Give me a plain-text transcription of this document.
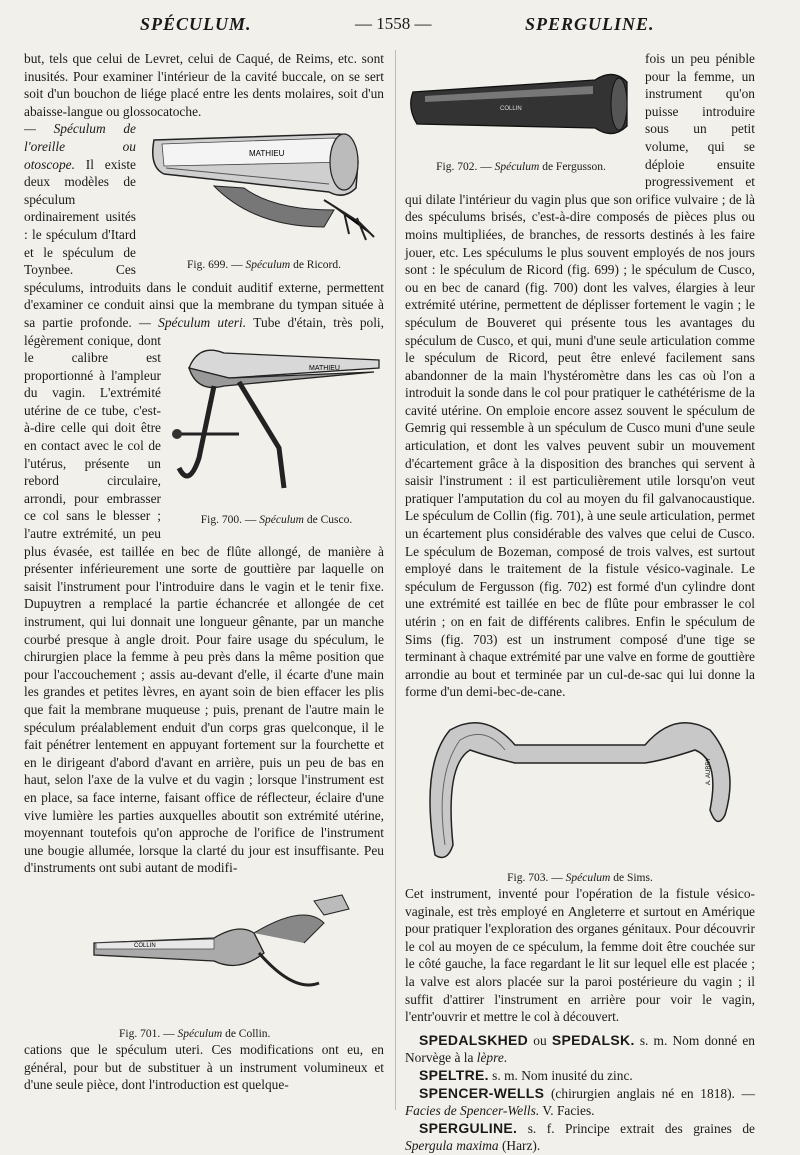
SPÉCULUM.	— 1558 —	SPERGULINE.

but, tels que celui de Levret, celui de Caqué, de Reims, etc. sont inusités. Pour examiner l'intérieur de la cavité buccale, on se sert soit d'un bouchon de liége placé entre les dents molaires, soit d'un abaisse-langue ou glossocatoche.

MATHIEU
Fig. 699. — Spéculum de Ricord.

— Spéculum de l'oreille ou otoscope. Il existe deux modèles de spéculum ordinairement usités : le spéculum d'Itard et le spéculum de Toynbee. Ces spéculums, introduits dans le conduit auditif externe, permettent d'examiner ce conduit ainsi que la membrane du tympan située à sa partie profonde. — Spéculum uteri.
MATHIEU
Fig. 700. — Spéculum de Cusco.
Tube d'étain, très poli, légèrement conique, dont le calibre est proportionné à l'ampleur du vagin. L'extrémité utérine de ce tube, c'est-à-dire celle qui doit être en contact avec le col de l'utérus, présente un rebord circulaire, arrondi, pour embrasser ce col sans le blesser ; l'autre extrémité, un peu plus évasée, est taillée en bec de flûte allongé, de manière à présenter inférieurement une sorte de gouttière par laquelle on saisit l'instrument pour l'introduire dans le vagin et le tenir fixe. Dupuytren a remplacé la partie échancrée et allongée de cet instrument, qui lui donnait une longueur gênante, par un manche courbé presque à angle droit. Pour faire usage du spéculum, le chirurgien place la femme à peu près dans la même position que pour l'accouchement ; assis au-devant d'elle, il écarte d'une main les grandes et petites lèvres, en ayant soin de bien effacer les plis que fait la membrane muqueuse ; puis, prenant de l'autre main le spéculum préalablement enduit d'un corps gras quelconque, il le fait pénétrer lentement en appuyant fortement sur la fourchette et en le dirigeant d'abord d'avant en arrière, puis un peu de bas en haut, selon l'axe de la vulve et du vagin ; lorsque l'instrument est en place, sa face interne, faisant office de réflecteur, éclaire d'une vive lumière les parties auxquelles aboutit son extrémité utérine, moyennant toutefois qu'on approche de l'orifice de l'instrument une bougie allumée, lorsque la clarté du jour est insuffisante. Peu d'instruments ont subi autant de modifi-

COLLIN
Fig. 701. — Spéculum de Collin.

cations que le spéculum uteri. Ces modifications ont eu, en général, pour but de substituer à un instrument volumineux et d'une seule pièce, dont l'introduction est quelque-

COLLIN
Fig. 702. — Spéculum de Fergusson.
fois un peu pénible pour la femme, un instrument qu'on puisse introduire sous un petit volume, qui se déploie ensuite progressivement et qui dilate l'intérieur du vagin plus que son orifice vulvaire ; de là des spéculums brisés, c'est-à-dire composés de pièces plus ou moins multipliées, de branches, de ressorts destinés à les faire jouer, etc. Les spéculums le plus souvent employés de nos jours sont : le spéculum de Ricord (fig. 699) ; le spéculum de Cusco, ou en bec de canard (fig. 700) dont les valves, élargies à leur extrémité utérine, permettent de déplisser fortement le vagin ; le spéculum de Bouveret qui présente tous les avantages du spéculum de Cusco, et qui, muni d'une seule articulation comme le spéculum de Ricord, peut être enlevé facilement sans abandonner de la main l'hystéromètre dans les cas où l'on a introduit la sonde dans le col pour pratiquer le cathétérisme de la cavité utérine. On emploie encore assez souvent le spéculum de Gemrig qui ressemble à un spéculum de Cusco muni d'une seule articulation, et dont les valves peuvent subir un mouvement d'écartement grâce à la disposition des branches qui servent à saisir l'instrument : il est particulièrement utile lorsqu'on veut pratiquer l'amputation du col au moyen du fil galvanocaustique. Le spéculum de Collin (fig. 701), à une seule articulation, permet un écartement plus considérable des valves que celui de Cusco. Le spéculum de Bozeman, composé de trois valves, est surtout employé dans le traitement de la fistule vésico-vaginale. Le spéculum de Fergusson (fig. 702) est formé d'un cylindre dont une extrémité est taillée en bec de flûte pour embrasser le col utérin ; on en fait de différents calibres. Enfin le spéculum de Sims (fig. 703) est un instrument composé d'une tige se terminant à chaque extrémité par une valve en forme de gouttière arrondie au bout et terminée par un cul-de-sac qui lui donne la forme d'un demi-bec-de-cane.

A. AUBRY
Fig. 703. — Spéculum de Sims.

Cet instrument, inventé pour l'opération de la fistule vésico-vaginale, est très employé en Angleterre et surtout en Amérique pour pratiquer l'exploration des organes génitaux. Pour découvrir le col au moyen de ce spéculum, la femme doit être couchée sur le côté gauche, la face regardant le lit sur lequel elle est placée ; la valve est alors placée sur la paroi postérieure du vagin ; il suffit d'attirer l'instrument en arrière pour voir le vagin, l'entr'ouvrir et mettre le col à découvert.

SPEDALSKHED ou SPEDALSK. s. m. Nom donné en Norvège à la lèpre.

SPELTRE. s. m. Nom inusité du zinc.

SPENCER-WELLS (chirurgien anglais né en 1818). — Facies de Spencer-Wells. V. Facies.

SPERGULINE. s. f. Principe extrait des graines de Spergula maxima (Harz).
